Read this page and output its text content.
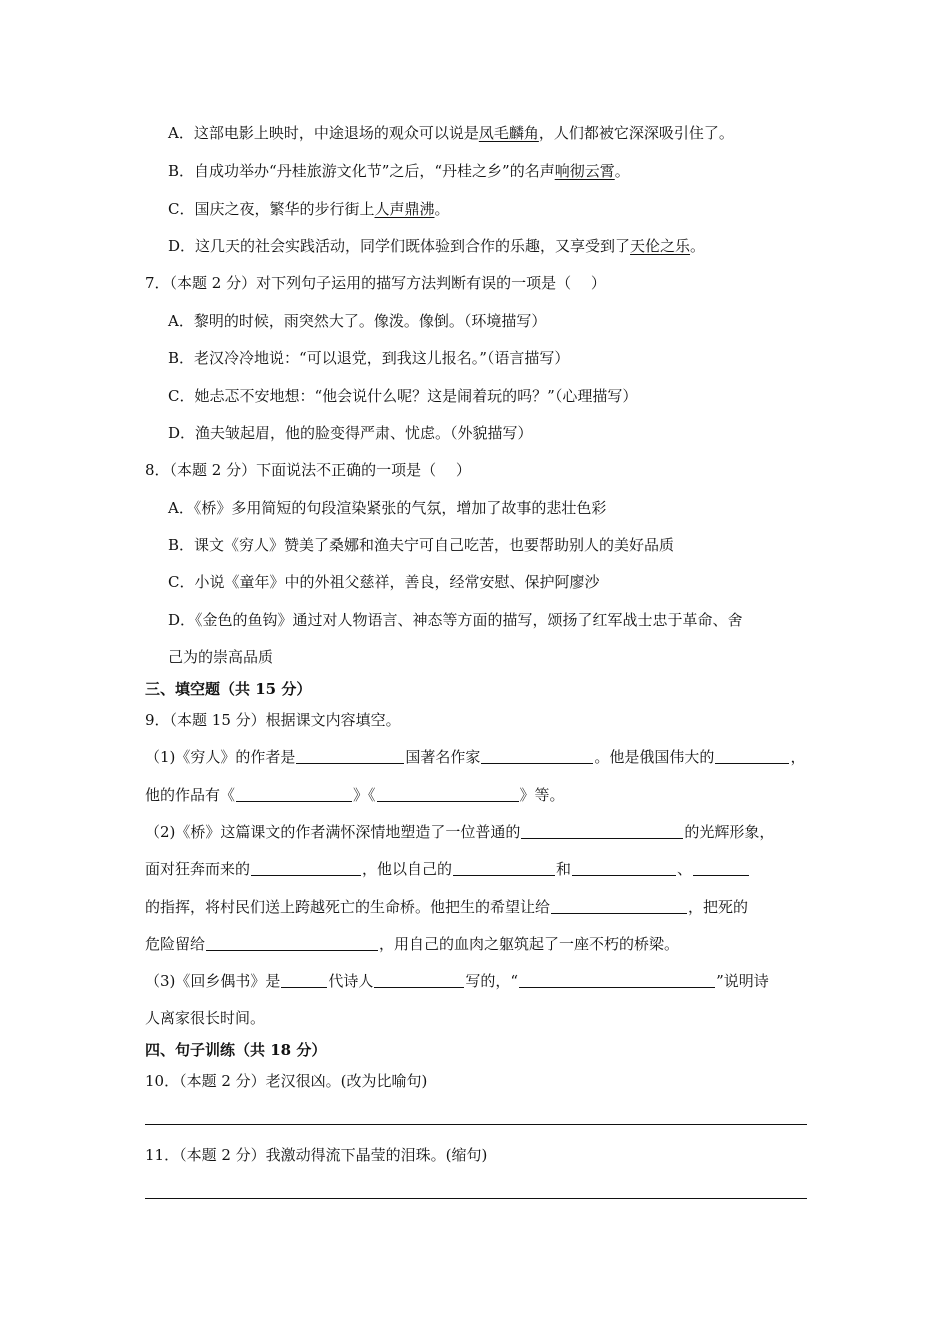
A．这部电影上映时，中途退场的观众可以说是凤毛麟角，人们都被它深深吸引住了。
B．自成功举办“丹桂旅游文化节”之后，“丹桂之乡”的名声响彻云霄。
C．国庆之夜，繁华的步行街上人声鼎沸。
D．这几天的社会实践活动，同学们既体验到合作的乐趣，又享受到了天伦之乐。
7．（本题 2 分）对下列句子运用的描写方法判断有误的一项是（　 ）
A．黎明的时候，雨突然大了。像泼。像倒。（环境描写）
B．老汉冷冷地说：“可以退党，到我这儿报名。”（语言描写）
C．她忐忑不安地想：“他会说什么呢？这是闹着玩的吗？”（心理描写）
D．渔夫皱起眉，他的脸变得严肃、忧虑。（外貌描写）
8．（本题 2 分）下面说法不正确的一项是（　 ）
A．《桥》多用简短的句段渲染紧张的气氛，增加了故事的悲壮色彩
B．课文《穷人》赞美了桑娜和渔夫宁可自己吃苦，也要帮助别人的美好品质
C．小说《童年》中的外祖父慈祥，善良，经常安慰、保护阿廖沙
D．《金色的鱼钩》通过对人物语言、神态等方面的描写，颂扬了红军战士忠于革命、舍
己为的崇高品质
三、填空题（共 15 分）
9．（本题 15 分）根据课文内容填空。
（1)《穷人》的作者是	国著名作家	。他是俄国伟大的	，
他的作品有《	》《	》等。
（2)《桥》这篇课文的作者满怀深情地塑造了一位普通的	的光辉形象，
面对狂奔而来的	，他以自己的	和	、
的指挥，将村民们送上跨越死亡的生命桥。他把生的希望让给	，把死的
危险留给	，用自己的血肉之躯筑起了一座不朽的桥梁。
（3)《回乡偶书》是	代诗人	写的，“	”说明诗
人离家很长时间。
四、句子训练（共 18 分）
10．（本题 2 分）老汉很凶。(改为比喻句)
11．（本题 2 分）我激动得流下晶莹的泪珠。(缩句)
